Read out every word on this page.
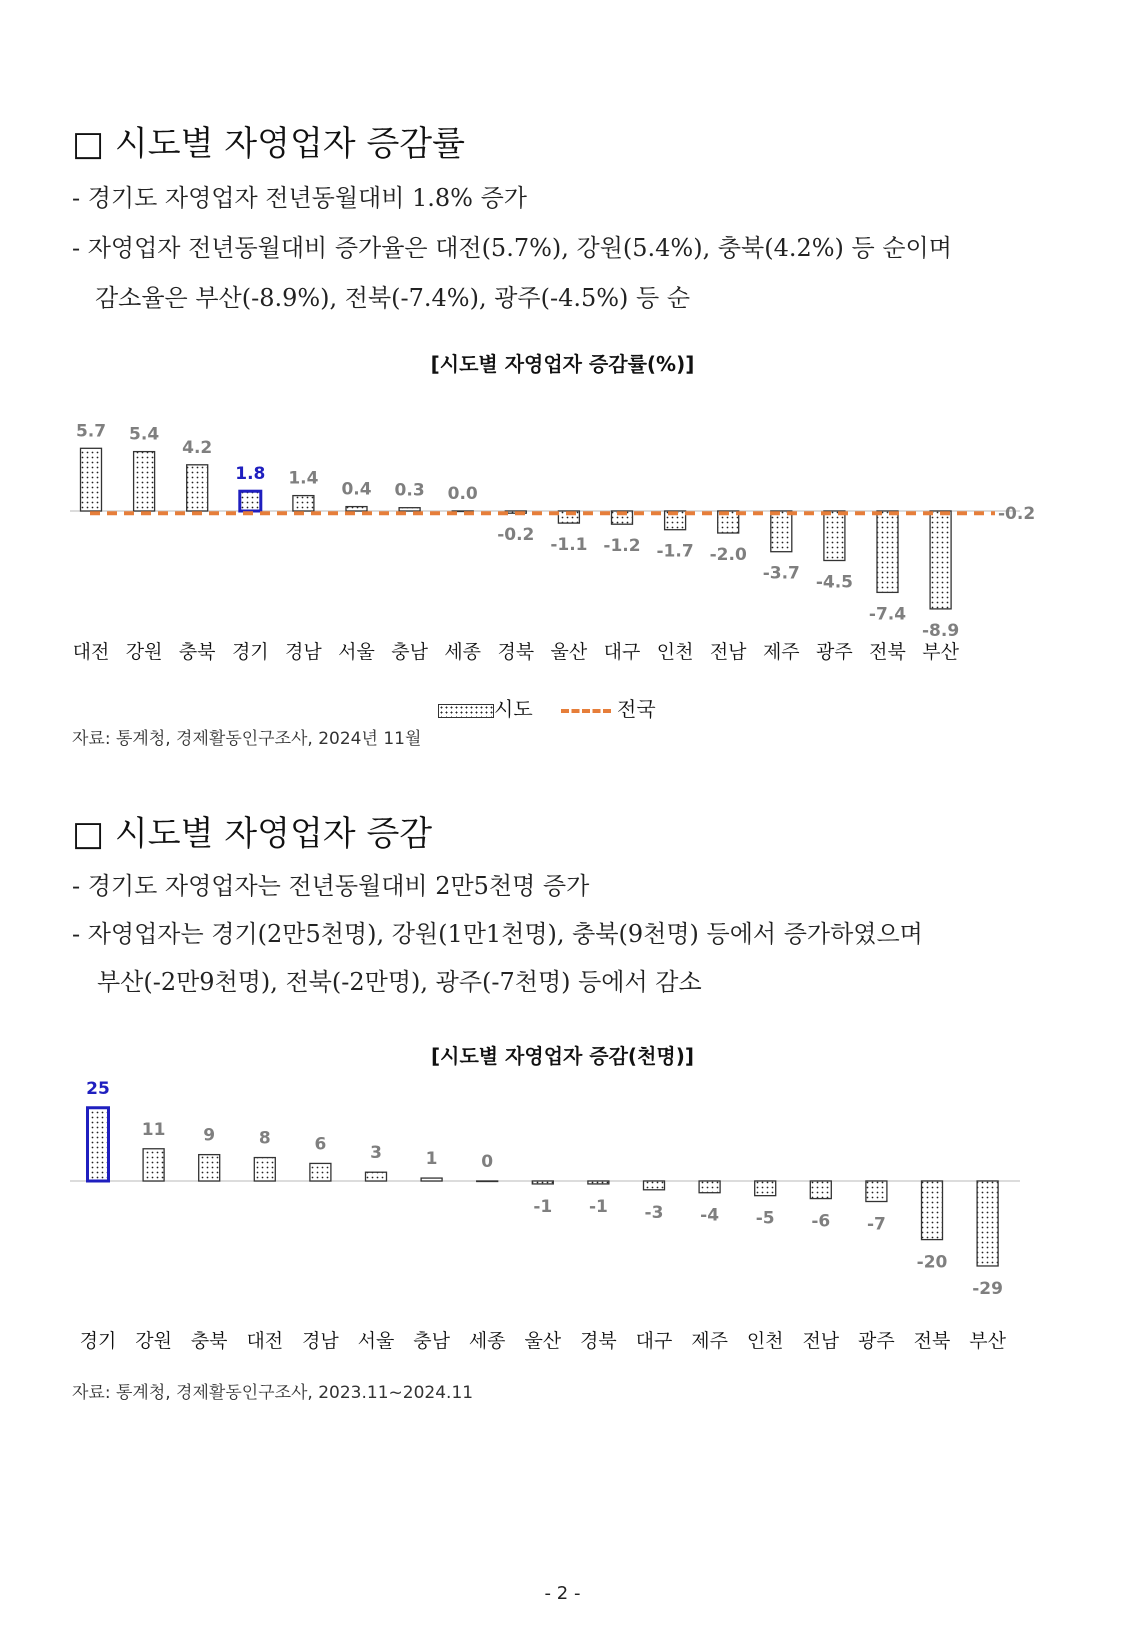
□ 시도별 자영업자 증감률
- 경기도 자영업자 전년동월대비 1.8% 증가
- 자영업자 전년동월대비 증가율은 대전(5.7%), 강원(5.4%), 충북(4.2%) 등 순이며
감소율은 부산(-8.9%), 전북(-7.4%), 광주(-4.5%) 등 순
[시도별 자영업자 증감률(%)]
5.7
대전
5.4
강원
4.2
충북
1.8
경기
1.4
경남
0.4
서울
0.3
충남
0.0
세종
-0.2
경북
-1.1
울산
-1.2
대구
-1.7
인천
-2.0
전남
-3.7
제주
-4.5
광주
-7.4
전북
-8.9
부산
-0.2
시도	전국
자료: 통계청, 경제활동인구조사, 2024년 11월
□ 시도별 자영업자 증감
- 경기도 자영업자는 전년동월대비 2만5천명 증가
- 자영업자는 경기(2만5천명), 강원(1만1천명), 충북(9천명) 등에서 증가하였으며
부산(-2만9천명), 전북(-2만명), 광주(-7천명) 등에서 감소
[시도별 자영업자 증감(천명)]
25
경기
11
강원
9
충북
8
대전
6
경남
3
서울
1
충남
0
세종
-1
울산
-1
경북
-3
대구
-4
제주
-5
인천
-6
전남
-7
광주
-20
전북
-29
부산
자료: 통계청, 경제활동인구조사, 2023.11~2024.11
- 2 -
